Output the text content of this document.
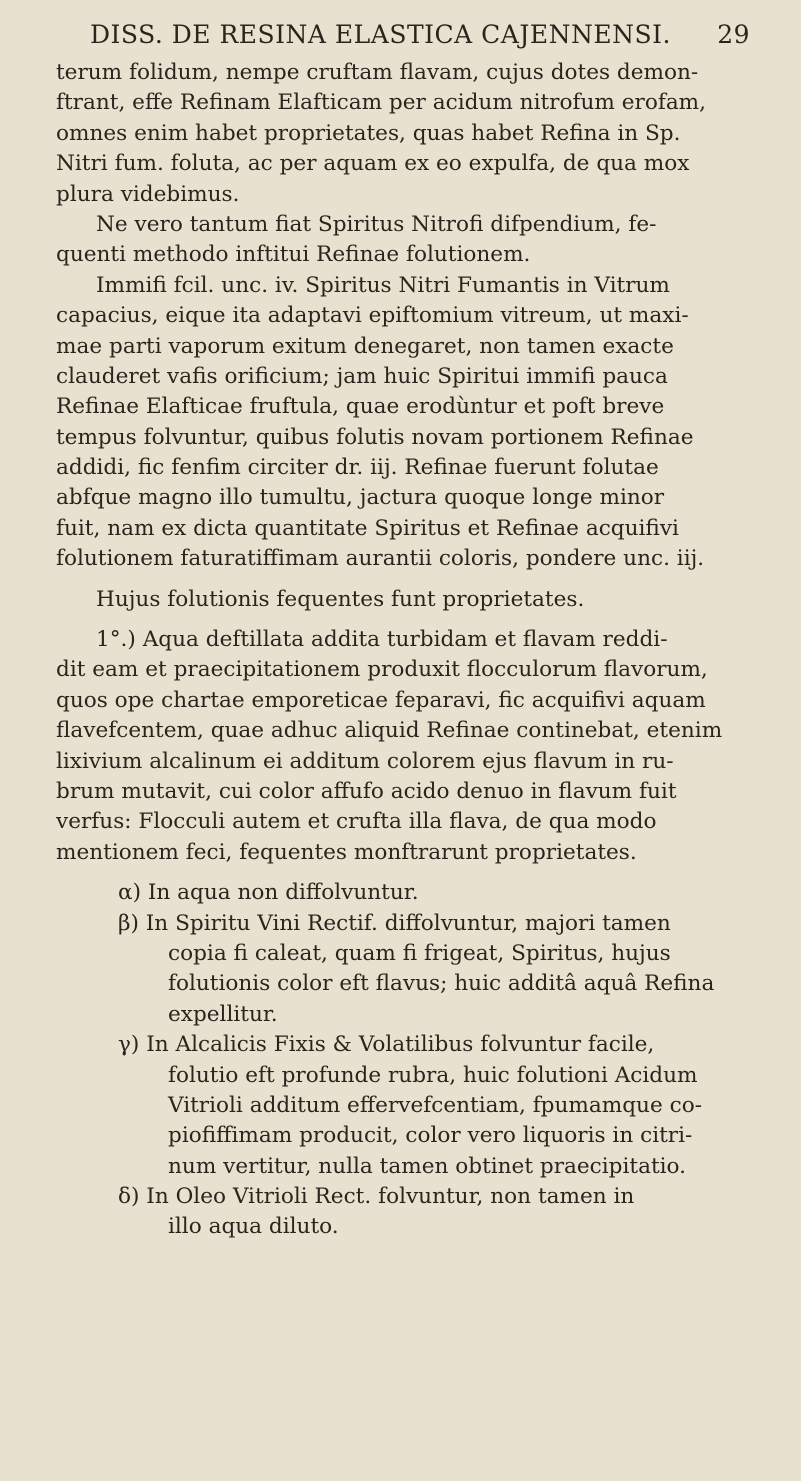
DISS. DE RESINA ELASTICA CAJENNENSI. 29
terum folidum, nempe cruftam flavam, cujus dotes demon-
ftrant, effe Refinam Elafticam per acidum nitrofum erofam,
omnes enim habet proprietates, quas habet Refina in Sp.
Nitri fum. foluta, ac per aquam ex eo expulfa, de qua mox
plura videbimus.
Ne vero tantum fiat Spiritus Nitrofi difpendium, fe-
quenti methodo inftitui Refinae folutionem.
Immifi fcil. unc. iv. Spiritus Nitri Fumantis in Vitrum
capacius, eique ita adaptavi epiftomium vitreum, ut maxi-
mae parti vaporum exitum denegaret, non tamen exacte
clauderet vafis orificium; jam huic Spiritui immifi pauca
Refinae Elafticae fruftula, quae erodùntur et poft breve
tempus folvuntur, quibus folutis novam portionem Refinae
addidi, fic fenfim circiter dr. iij. Refinae fuerunt folutae
abfque magno illo tumultu, jactura quoque longe minor
fuit, nam ex dicta quantitate Spiritus et Refinae acquifivi
folutionem faturatiffimam aurantii coloris, pondere unc. iij.
Hujus folutionis fequentes funt proprietates.
1°.) Aqua deftillata addita turbidam et flavam reddi-
dit eam et praecipitationem produxit flocculorum flavorum,
quos ope chartae emporeticae feparavi, fic acquifivi aquam
flavefcentem, quae adhuc aliquid Refinae continebat, etenim
lixivium alcalinum ei additum colorem ejus flavum in ru-
brum mutavit, cui color affufo acido denuo in flavum fuit
verfus: Flocculi autem et crufta illa flava, de qua modo
mentionem feci, fequentes monftrarunt proprietates.
α) In aqua non diffolvuntur.
β) In Spiritu Vini Rectif. diffolvuntur, majori tamen
copia fi caleat, quam fi frigeat, Spiritus, hujus
folutionis color eft flavus; huic additâ aquâ Refina
expellitur.
γ) In Alcalicis Fixis & Volatilibus folvuntur facile,
folutio eft profunde rubra, huic folutioni Acidum
Vitrioli additum effervefcentiam, fpumamque co-
piofiffimam producit, color vero liquoris in citri-
num vertitur, nulla tamen obtinet praecipitatio.
δ) In Oleo Vitrioli Rect. folvuntur, non tamen in
illo aqua diluto.
